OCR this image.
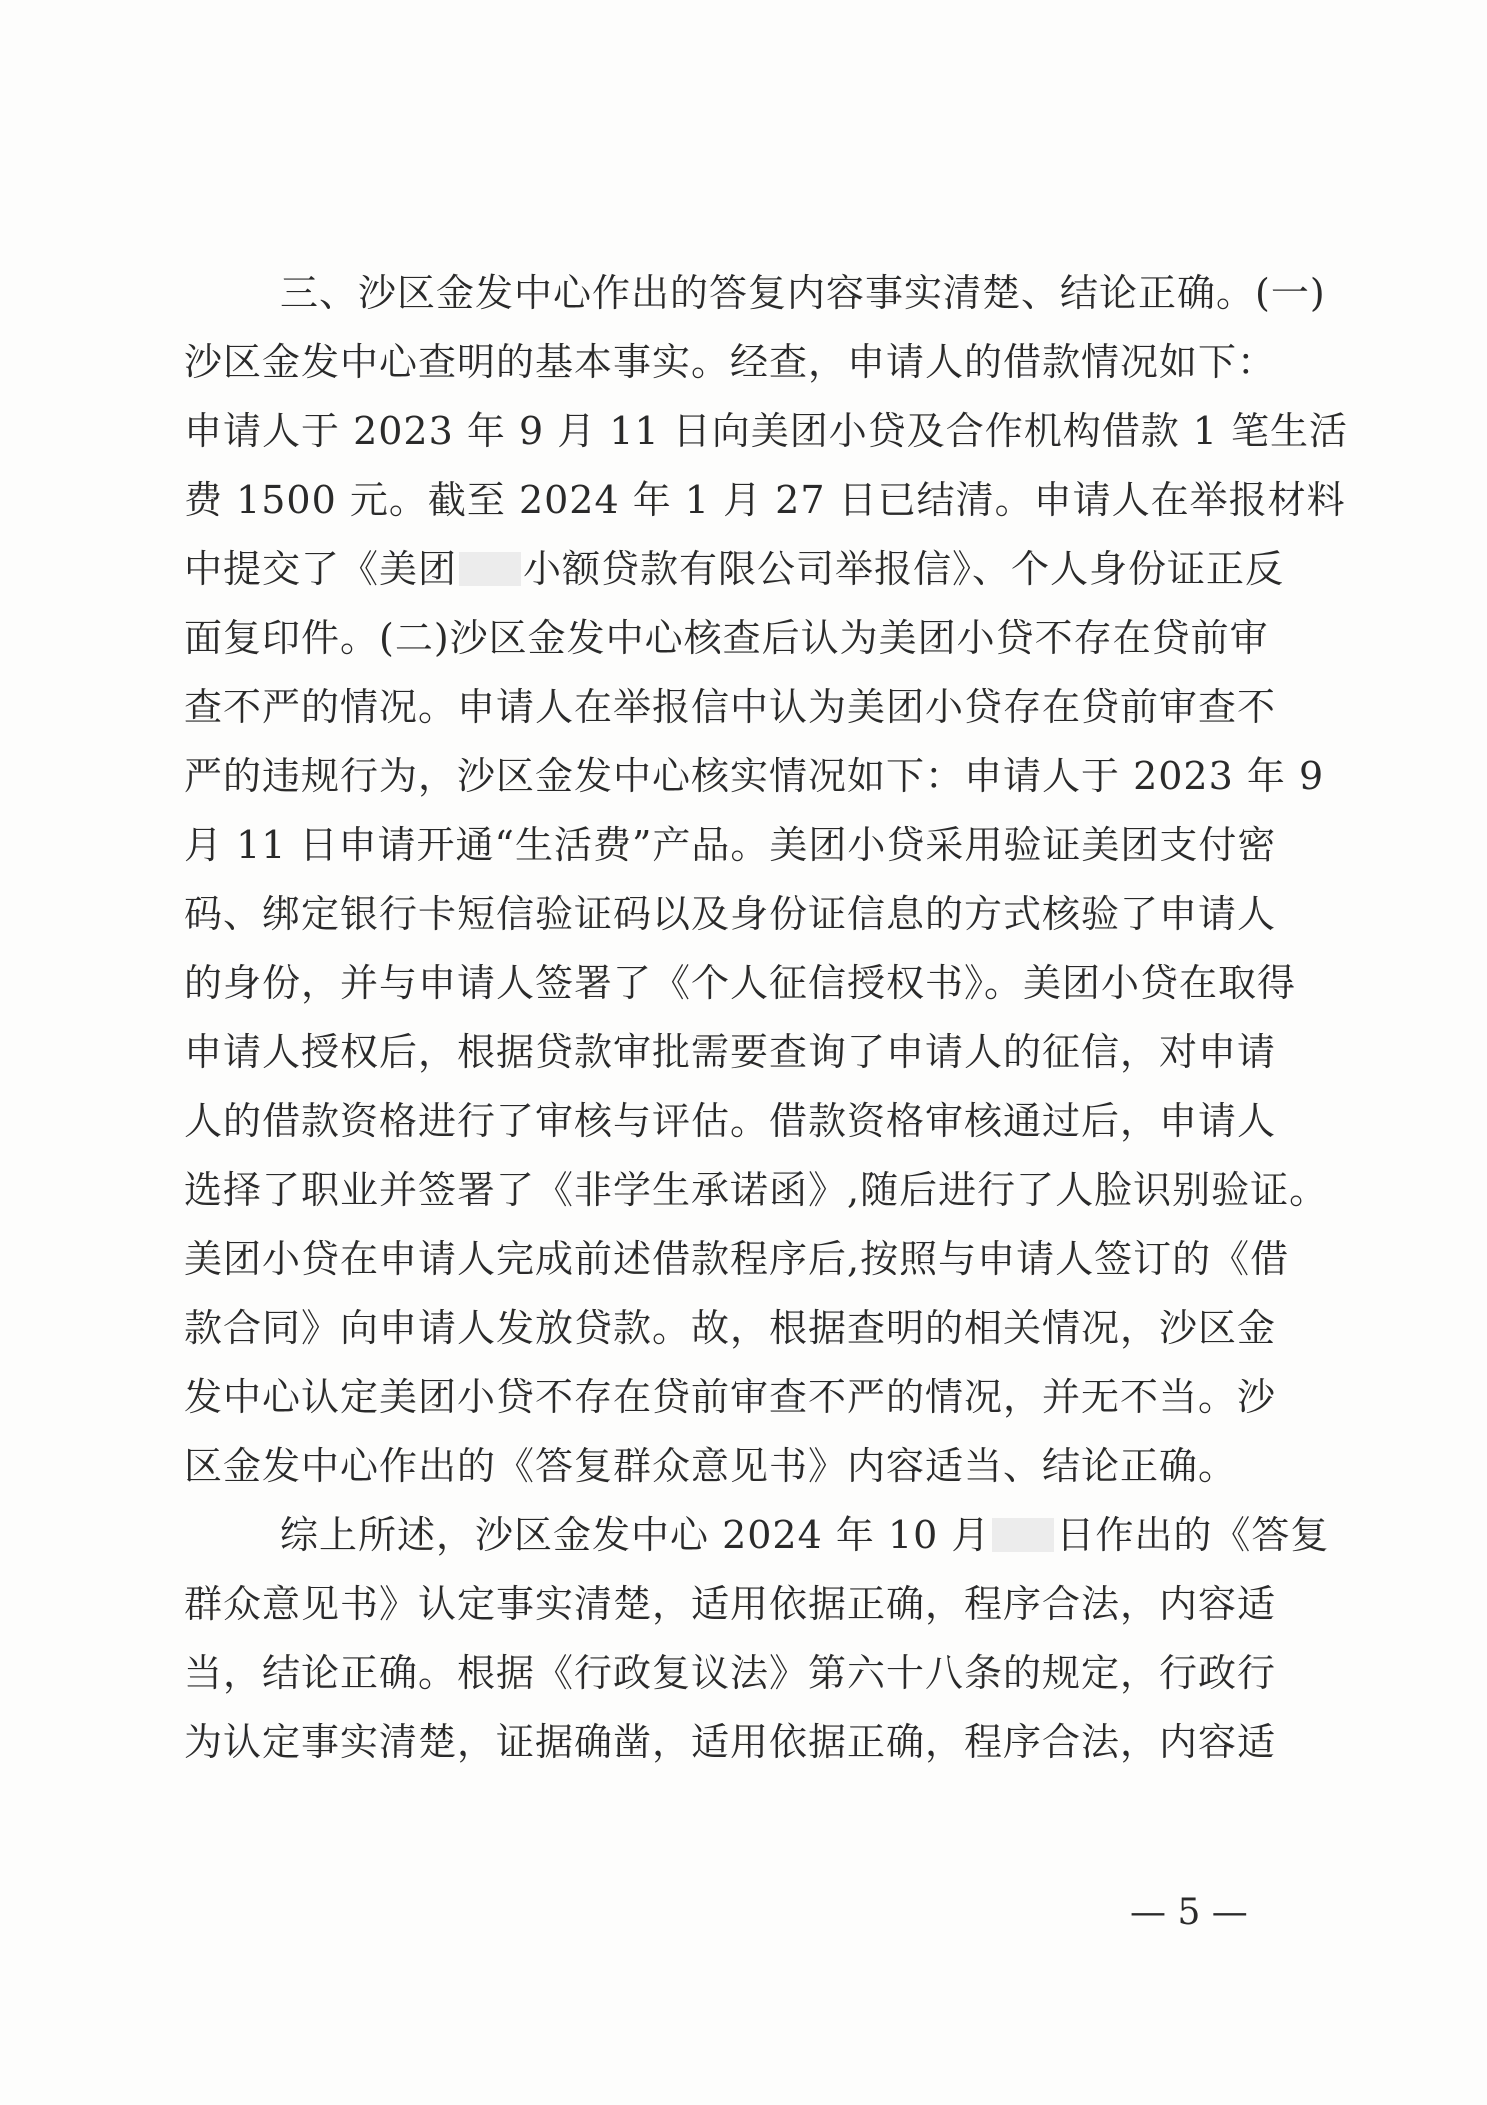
三、沙区金发中心作出的答复内容事实清楚、结论正确。(一)
沙区金发中心查明的基本事实。经查，申请人的借款情况如下：
申请人于 2023 年 9 月 11 日向美团小贷及合作机构借款 1 笔生活
费 1500 元。截至 2024 年 1 月 27 日已结清。申请人在举报材料
中提交了《美团 小额贷款有限公司举报信》、个人身份证正反
面复印件。(二)沙区金发中心核查后认为美团小贷不存在贷前审
查不严的情况。申请人在举报信中认为美团小贷存在贷前审查不
严的违规行为，沙区金发中心核实情况如下：申请人于 2023 年 9
月 11 日申请开通“生活费”产品。美团小贷采用验证美团支付密
码、绑定银行卡短信验证码以及身份证信息的方式核验了申请人
的身份，并与申请人签署了《个人征信授权书》。美团小贷在取得
申请人授权后，根据贷款审批需要查询了申请人的征信，对申请
人的借款资格进行了审核与评估。借款资格审核通过后，申请人
选择了职业并签署了《非学生承诺函》,随后进行了人脸识别验证。
美团小贷在申请人完成前述借款程序后,按照与申请人签订的《借
款合同》向申请人发放贷款。故，根据查明的相关情况，沙区金
发中心认定美团小贷不存在贷前审查不严的情况，并无不当。沙
区金发中心作出的《答复群众意见书》内容适当、结论正确。
综上所述，沙区金发中心 2024 年 10 月 日作出的《答复
群众意见书》认定事实清楚，适用依据正确，程序合法，内容适
当，结论正确。根据《行政复议法》第六十八条的规定，行政行
为认定事实清楚，证据确凿，适用依据正确，程序合法，内容适
— 5 —
